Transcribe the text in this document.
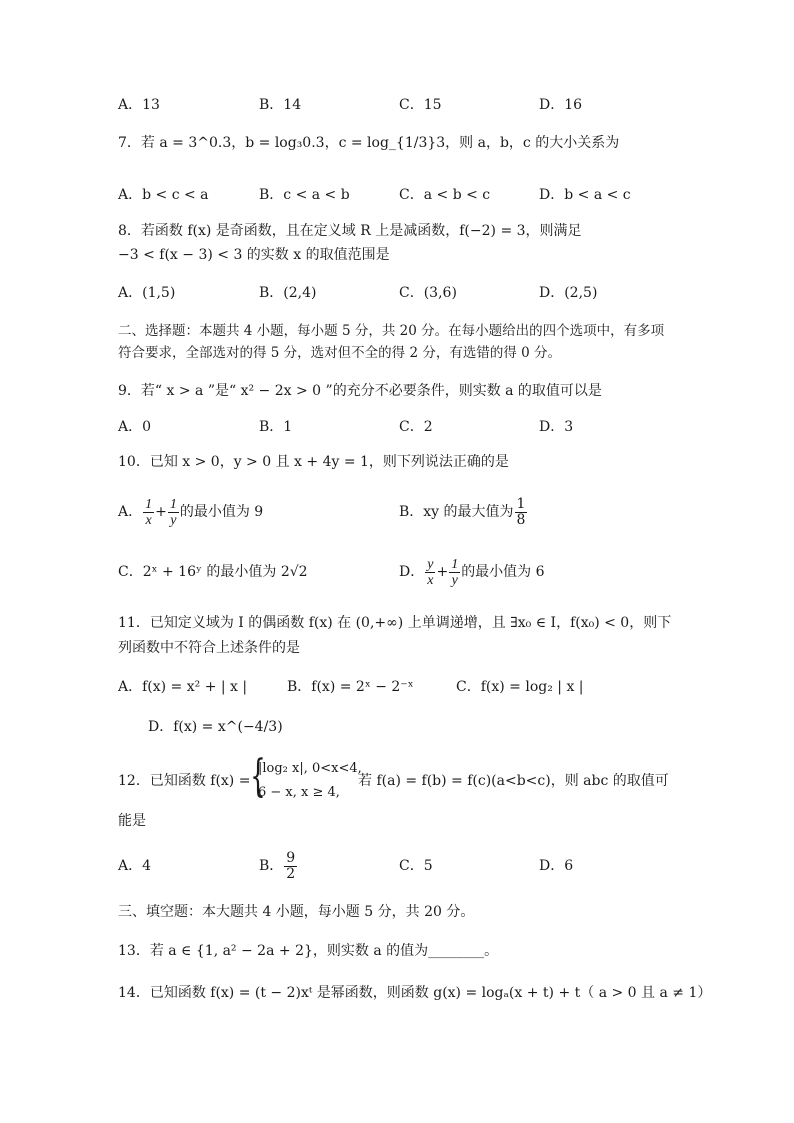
A．13	B．14	C．15	D．16
7．若 a = 3^0.3，b = log₃0.3，c = log_{1/3}3，则 a，b，c 的大小关系为
A．b < c < a	B．c < a < b	C．a < b < c	D．b < a < c
8．若函数 f(x) 是奇函数，且在定义域 R 上是减函数，f(−2) = 3，则满足
−3 < f(x − 3) < 3 的实数 x 的取值范围是
A．(1,5)	B．(2,4)	C．(3,6)	D．(2,5)
二、选择题：本题共 4 小题，每小题 5 分，共 20 分。在每小题给出的四个选项中，有多项
符合要求，全部选对的得 5 分，选对但不全的得 2 分，有选错的得 0 分。
9．若“ x > a ”是“ x² − 2x > 0 ”的充分不必要条件，则实数 a 的取值可以是
A．0	B．1	C．2	D．3
10．已知 x > 0，y > 0 且 x + 4y = 1，则下列说法正确的是
A． $\frac{1}{x} + \frac{1}{y}$ 的最小值为 9	B．xy 的最大值为 $\frac{1}{8}$
C．2ˣ + 16ʸ 的最小值为 2√2	D． $\frac{y}{x} + \frac{1}{y}$ 的最小值为 6
11．已知定义域为 I 的偶函数 f(x) 在 (0,+∞) 上单调递增，且 ∃x₀ ∈ I，f(x₀) < 0，则下
列函数中不符合上述条件的是
A．f(x) = x² + | x |	B．f(x) = 2ˣ − 2⁻ˣ	C．f(x) = log₂ | x |
D．f(x) = x^(−4/3)
12．已知函数 f(x) = {
|log₂ x|, 0<x<4,
6 − x, x ≥ 4,
若 f(a) = f(b) = f(c)(a<b<c)，则 abc 的取值可
能是
A．4	B． $\frac{9}{2}$	C．5	D．6
三、填空题：本大题共 4 小题，每小题 5 分，共 20 分。
13．若 a ∈ {1, a² − 2a + 2}，则实数 a 的值为________。
14．已知函数 f(x) = (t − 2)xᵗ 是幂函数，则函数 g(x) = logₐ(x + t) + t（ a > 0 且 a ≠ 1）
